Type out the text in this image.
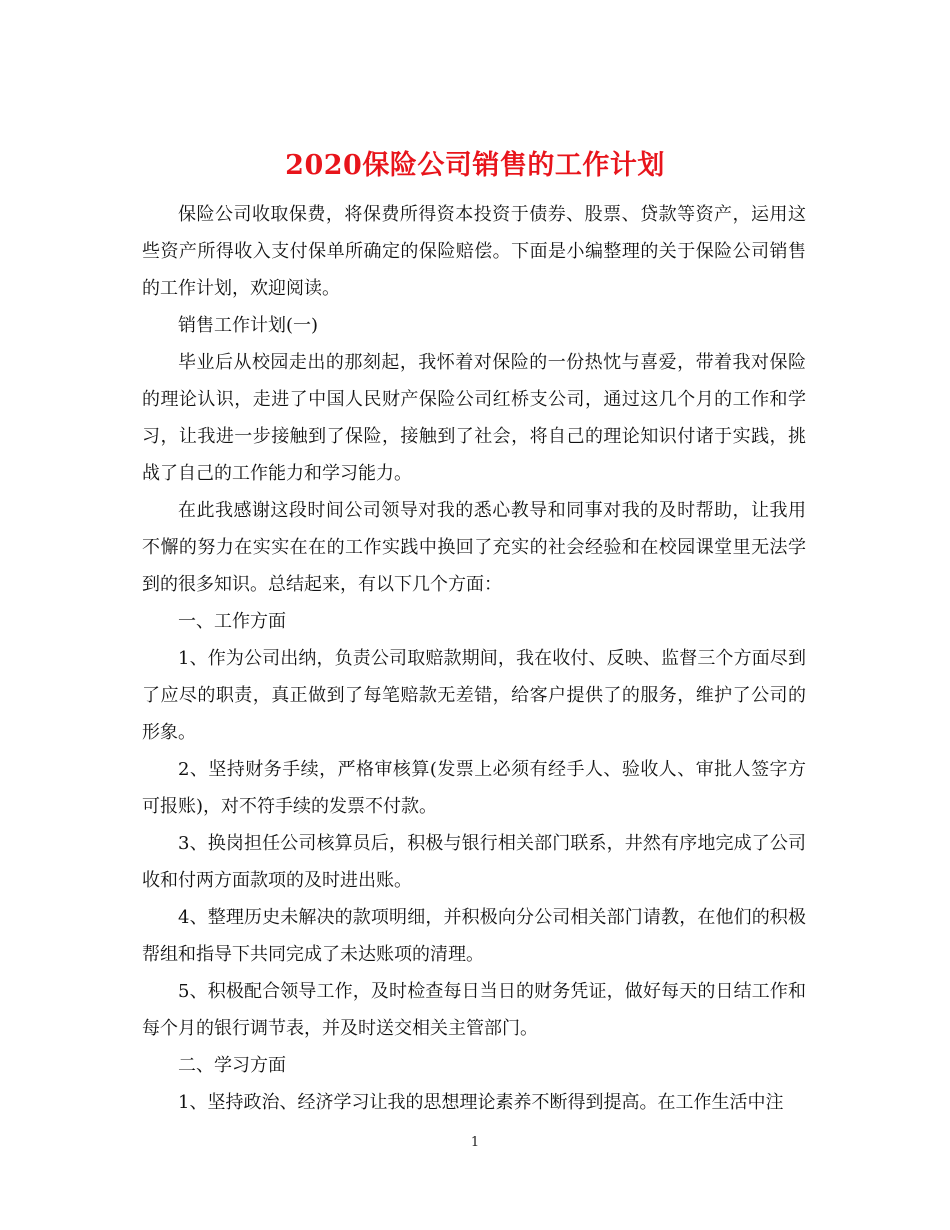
2020保险公司销售的工作计划

保险公司收取保费，将保费所得资本投资于债券、股票、贷款等资产，运用这些资产所得收入支付保单所确定的保险赔偿。下面是小编整理的关于保险公司销售的工作计划，欢迎阅读。

销售工作计划(一)

毕业后从校园走出的那刻起，我怀着对保险的一份热忱与喜爱，带着我对保险的理论认识，走进了中国人民财产保险公司红桥支公司，通过这几个月的工作和学习，让我进一步接触到了保险，接触到了社会，将自己的理论知识付诸于实践，挑战了自己的工作能力和学习能力。

在此我感谢这段时间公司领导对我的悉心教导和同事对我的及时帮助，让我用不懈的努力在实实在在的工作实践中换回了充实的社会经验和在校园课堂里无法学到的很多知识。总结起来，有以下几个方面：

一、工作方面

1、作为公司出纳，负责公司取赔款期间，我在收付、反映、监督三个方面尽到了应尽的职责，真正做到了每笔赔款无差错，给客户提供了的服务，维护了公司的形象。

2、坚持财务手续，严格审核算(发票上必须有经手人、验收人、审批人签字方可报账)，对不符手续的发票不付款。

3、换岗担任公司核算员后，积极与银行相关部门联系，井然有序地完成了公司收和付两方面款项的及时进出账。

4、整理历史未解决的款项明细，并积极向分公司相关部门请教，在他们的积极帮组和指导下共同完成了未达账项的清理。

5、积极配合领导工作，及时检查每日当日的财务凭证，做好每天的日结工作和每个月的银行调节表，并及时送交相关主管部门。

二、学习方面

1、坚持政治、经济学习让我的思想理论素养不断得到提高。在工作生活中注

1
